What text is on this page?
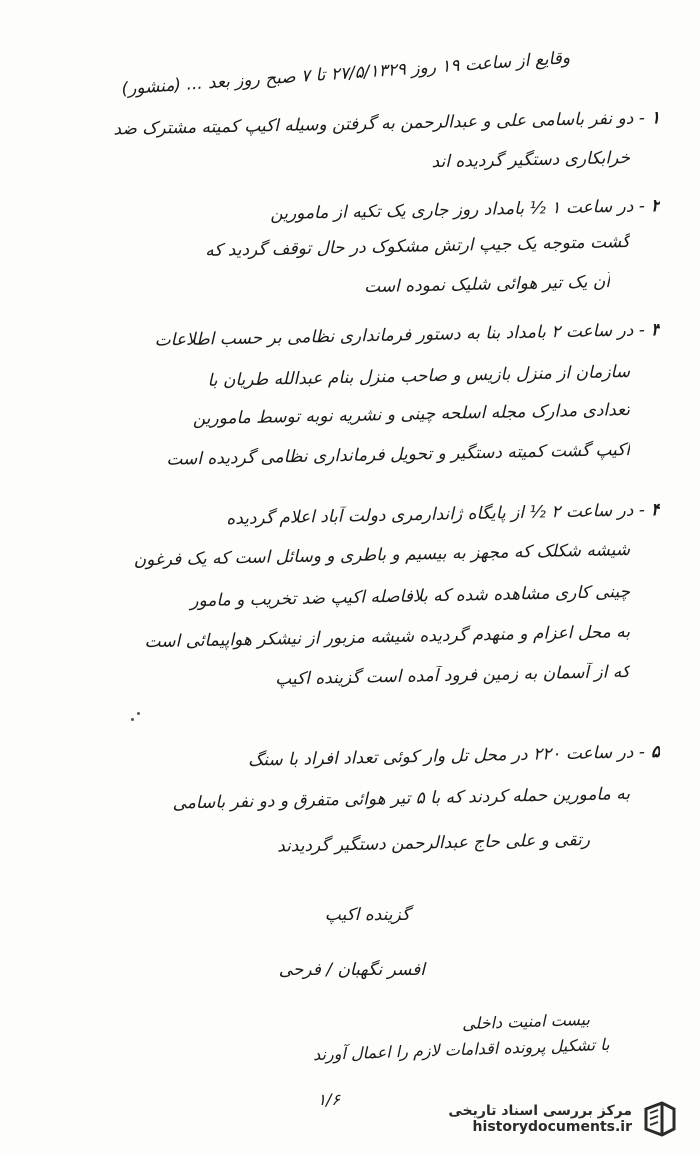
وقایع از ساعت ۱۹ روز ۲۷/۵/۱۳۲۹ تا ۷ صبح روز بعد ... (منشور)
۱- دو نفر باسامی علی و عبدالرحمن به گرفتن وسیله اکیپ کمیته مشترک ضد
خرابکاری دستگیر گردیده اند
۲- در ساعت ۱ ½ بامداد روز جاری یک تکیه از مامورین
گشت متوجه یک جیپ ارتش مشکوک در حال توقف گردید که
آن یک تیر هوائی شلیک نموده است
۳- در ساعت ۲ بامداد بنا به دستور فرمانداری نظامی بر حسب اطلاعات
سازمان از منزل بازیس و صاحب منزل بنام عبدالله طریان با
تعدادی مدارک مجله اسلحه چینی و نشریه نوبه توسط مامورین
اکیپ گشت کمیته دستگیر و تحویل فرمانداری نظامی گردیده است
۴- در ساعت ۲ ½ از پایگاه ژاندارمری دولت آباد اعلام گردیده
شیشه شکلک که مجهز به بیسیم و باطری و وسائل است که یک فرغون
چینی کاری مشاهده شده که بلافاصله اکیپ ضد تخریب و مامور
به محل اعزام و منهدم گردیده شیشه مزبور از نیشکر هواپیمائی است
که از آسمان به زمین فرود آمده است گزینده اکیپ
۵- در ساعت ۲۲۰ در محل تل وار کوئی تعداد افراد با سنگ
به مامورین حمله کردند که با ۵ تیر هوائی متفرق و دو نفر باسامی
رتقی و علی حاج عبدالرحمن دستگیر گردیدند
گزینده اکیپ
افسر نگهبان / فرحی
بیست امنیت داخلی
با تشکیل پرونده اقدامات لازم را اعمال آورند
۱/۶
مرکز بررسی اسناد تاریخی
historydocuments.ir
